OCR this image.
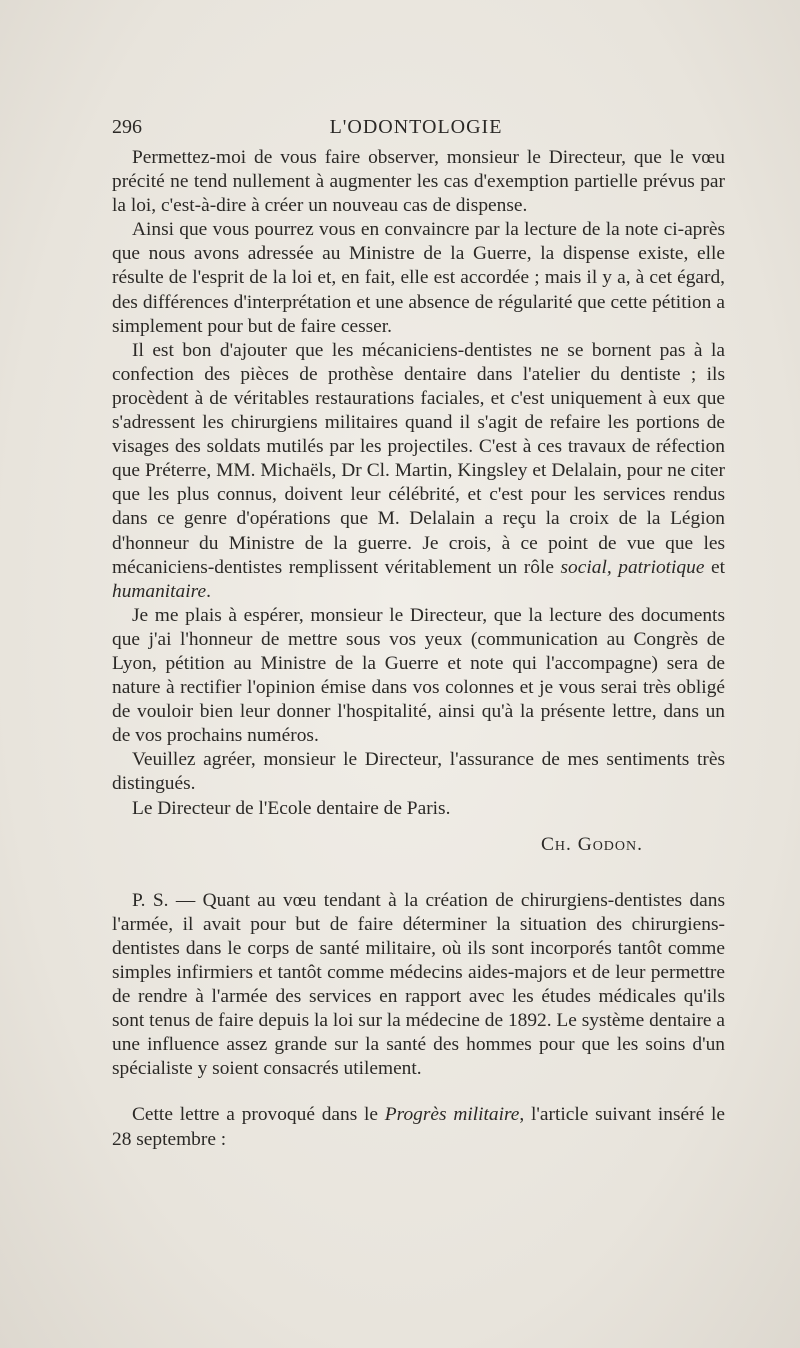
296	L'ODONTOLOGIE

Permettez-moi de vous faire observer, monsieur le Directeur, que le vœu précité ne tend nullement à augmenter les cas d'exemption partielle prévus par la loi, c'est-à-dire à créer un nouveau cas de dispense.

Ainsi que vous pourrez vous en convaincre par la lecture de la note ci-après que nous avons adressée au Ministre de la Guerre, la dispense existe, elle résulte de l'esprit de la loi et, en fait, elle est accordée ; mais il y a, à cet égard, des différences d'interprétation et une absence de régularité que cette pétition a simplement pour but de faire cesser.

Il est bon d'ajouter que les mécaniciens-dentistes ne se bornent pas à la confection des pièces de prothèse dentaire dans l'atelier du dentiste ; ils procèdent à de véritables restaurations faciales, et c'est uniquement à eux que s'adressent les chirurgiens militaires quand il s'agit de refaire les portions de visages des soldats mutilés par les projectiles. C'est à ces travaux de réfection que Préterre, MM. Michaëls, Dr Cl. Martin, Kingsley et Delalain, pour ne citer que les plus connus, doivent leur célébrité, et c'est pour les services rendus dans ce genre d'opérations que M. Delalain a reçu la croix de la Légion d'honneur du Ministre de la guerre. Je crois, à ce point de vue que les mécaniciens-dentistes remplissent véritablement un rôle social, patriotique et humanitaire.

Je me plais à espérer, monsieur le Directeur, que la lecture des documents que j'ai l'honneur de mettre sous vos yeux (communication au Congrès de Lyon, pétition au Ministre de la Guerre et note qui l'accompagne) sera de nature à rectifier l'opinion émise dans vos colonnes et je vous serai très obligé de vouloir bien leur donner l'hospitalité, ainsi qu'à la présente lettre, dans un de vos prochains numéros.

Veuillez agréer, monsieur le Directeur, l'assurance de mes sentiments très distingués.

Le Directeur de l'Ecole dentaire de Paris.

Ch. Godon.

P. S. — Quant au vœu tendant à la création de chirurgiens-dentistes dans l'armée, il avait pour but de faire déterminer la situation des chirurgiens-dentistes dans le corps de santé militaire, où ils sont incorporés tantôt comme simples infirmiers et tantôt comme médecins aides-majors et de leur permettre de rendre à l'armée des services en rapport avec les études médicales qu'ils sont tenus de faire depuis la loi sur la médecine de 1892. Le système dentaire a une influence assez grande sur la santé des hommes pour que les soins d'un spécialiste y soient consacrés utilement.

Cette lettre a provoqué dans le Progrès militaire, l'article suivant inséré le 28 septembre :
